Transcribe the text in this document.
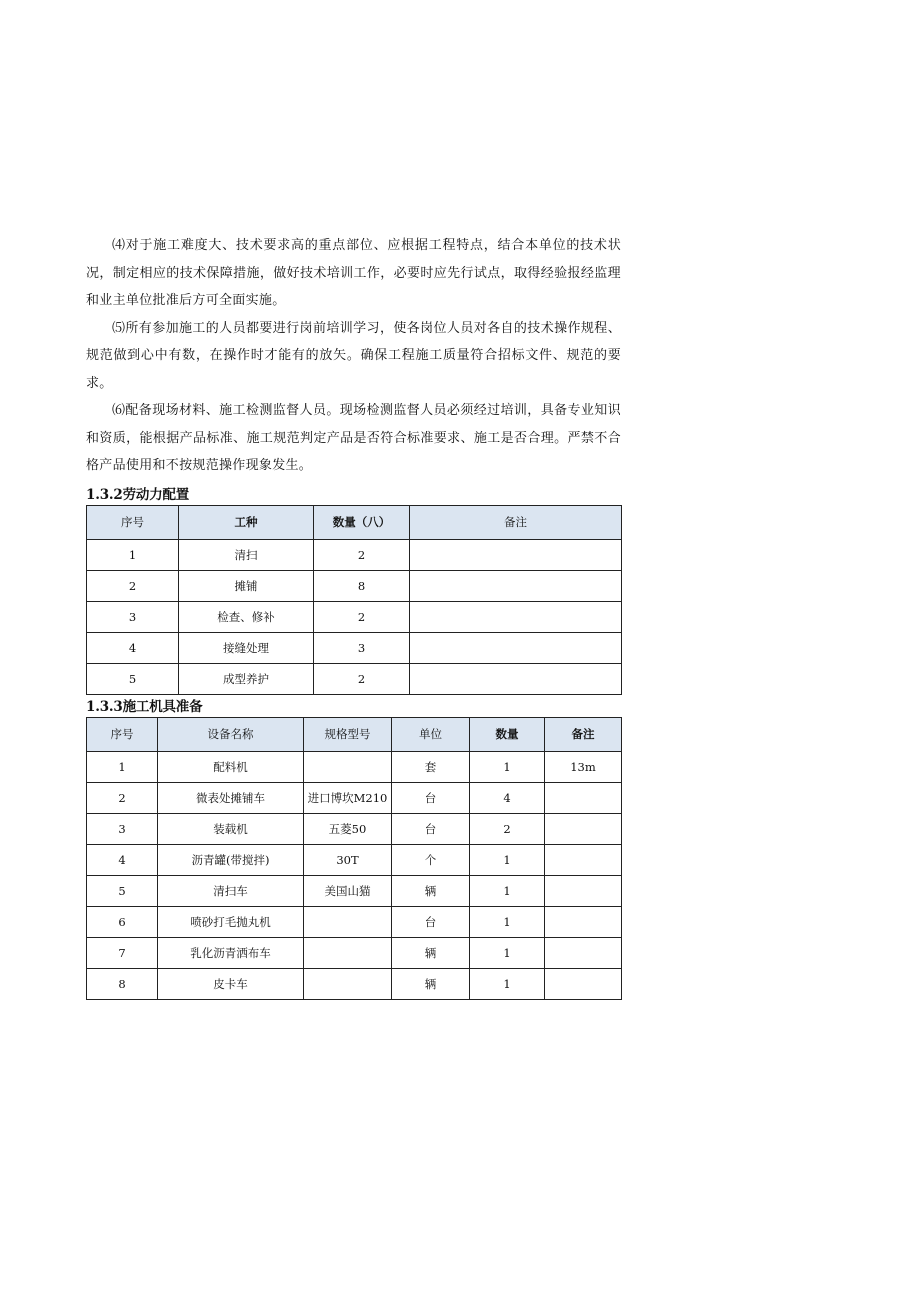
⑷对于施工难度大、技术要求高的重点部位、应根据工程特点，结合本单位的技术状况，制定相应的技术保障措施，做好技术培训工作，必要时应先行试点，取得经验报经监理和业主单位批准后方可全面实施。

⑸所有参加施工的人员都要进行岗前培训学习，使各岗位人员对各自的技术操作规程、规范做到心中有数，在操作时才能有的放矢。确保工程施工质量符合招标文件、规范的要求。

⑹配备现场材料、施工检测监督人员。现场检测监督人员必须经过培训，具备专业知识和资质，能根据产品标准、施工规范判定产品是否符合标准要求、施工是否合理。严禁不合格产品使用和不按规范操作现象发生。

1.3.2劳动力配置
序号	工种	数量（八）	备注
1	清扫	2	
2	摊铺	8	
3	检查、修补	2	
4	接缝处理	3	
5	成型养护	2	
1.3.3施工机具准备
序号	设备名称	规格型号	单位	数量	备注
1	配料机		套	1	13m
2	微表处摊铺车	进口博坎M210	台	4	
3	装载机	五菱50	台	2	
4	沥青罐(带搅拌)	30T	个	1	
5	清扫车	美国山猫	辆	1	
6	喷砂打毛抛丸机		台	1	
7	乳化沥青洒布车		辆	1	
8	皮卡车		辆	1	
